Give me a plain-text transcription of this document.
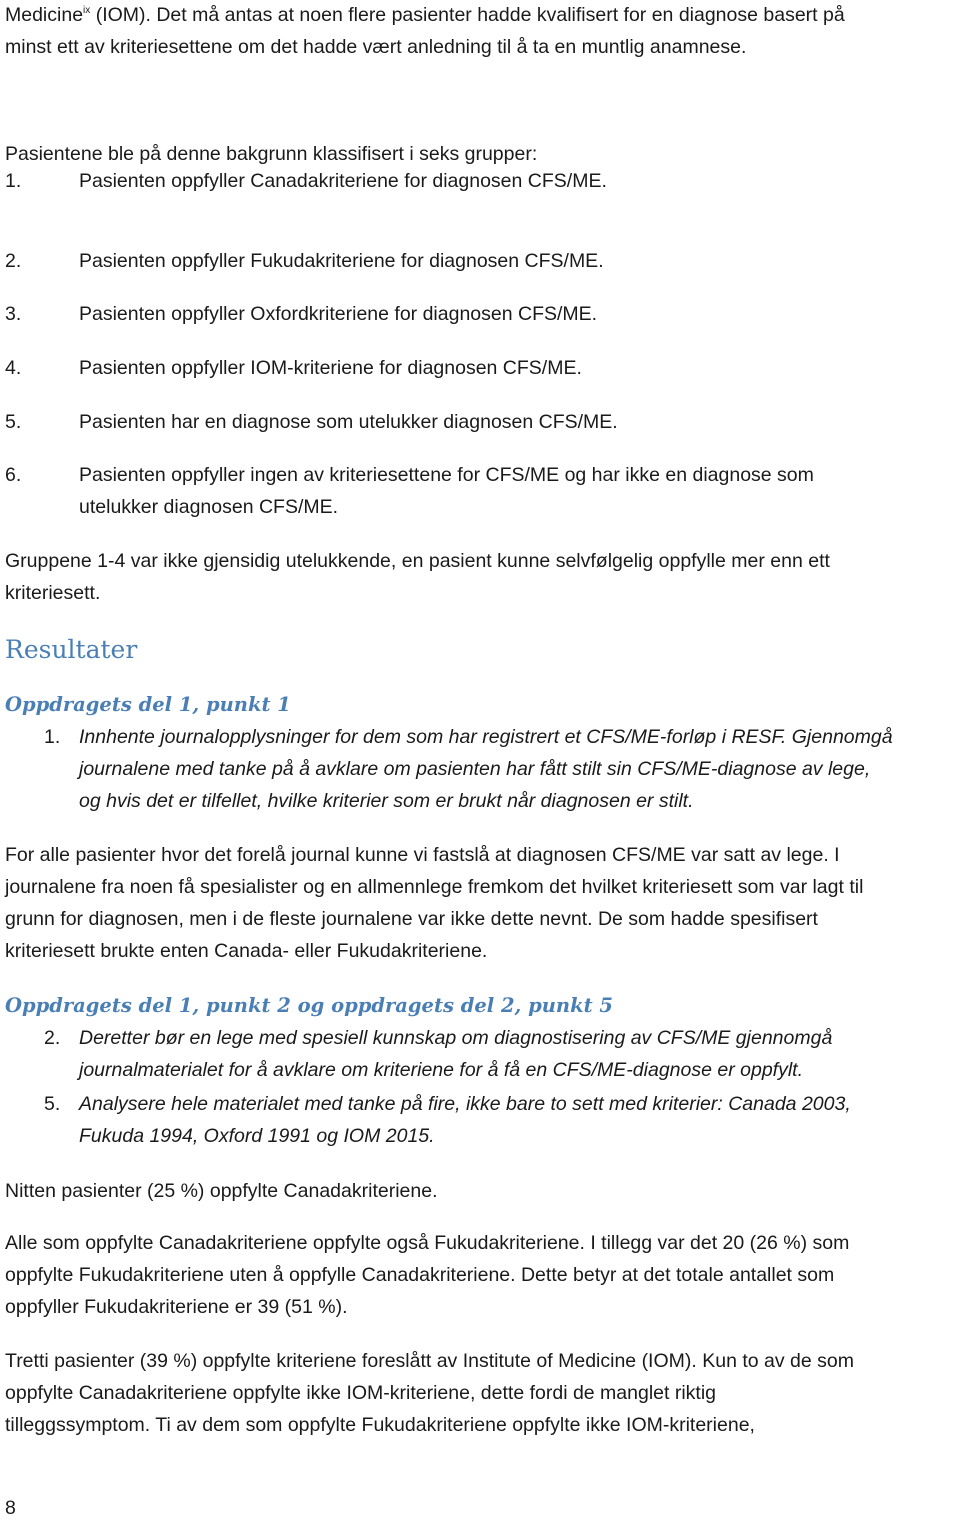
Medicine$^{ix}$ (IOM). Det må antas at noen flere pasienter hadde kvalifisert for en diagnose basert på
minst ett av kriteriesettene om det hadde vært anledning til å ta en muntlig anamnese.
Pasientene ble på denne bakgrunn klassifisert i seks grupper:
1.	Pasienten oppfyller Canadakriteriene for diagnosen CFS/ME.
2.	Pasienten oppfyller Fukudakriteriene for diagnosen CFS/ME.
3.	Pasienten oppfyller Oxfordkriteriene for diagnosen CFS/ME.
4.	Pasienten oppfyller IOM-kriteriene for diagnosen CFS/ME.
5.	Pasienten har en diagnose som utelukker diagnosen CFS/ME.
6.	Pasienten oppfyller ingen av kriteriesettene for CFS/ME og har ikke en diagnose som
utelukker diagnosen CFS/ME.
Gruppene 1-4 var ikke gjensidig utelukkende, en pasient kunne selvfølgelig oppfylle mer enn ett
kriteriesett.
Resultater
Oppdragets del 1, punkt 1
1. Innhente journalopplysninger for dem som har registrert et CFS/ME-forløp i RESF. Gjennomgå
journalene med tanke på å avklare om pasienten har fått stilt sin CFS/ME-diagnose av lege,
og hvis det er tilfellet, hvilke kriterier som er brukt når diagnosen er stilt.
For alle pasienter hvor det forelå journal kunne vi fastslå at diagnosen CFS/ME var satt av lege. I
journalene fra noen få spesialister og en allmennlege fremkom det hvilket kriteriesett som var lagt til
grunn for diagnosen, men i de fleste journalene var ikke dette nevnt. De som hadde spesifisert
kriteriesett brukte enten Canada- eller Fukudakriteriene.
Oppdragets del 1, punkt 2 og oppdragets del 2, punkt 5
2. Deretter bør en lege med spesiell kunnskap om diagnostisering av CFS/ME gjennomgå
journalmaterialet for å avklare om kriteriene for å få en CFS/ME-diagnose er oppfylt.
5. Analysere hele materialet med tanke på fire, ikke bare to sett med kriterier: Canada 2003,
Fukuda 1994, Oxford 1991 og IOM 2015.
Nitten pasienter (25 %) oppfylte Canadakriteriene.
Alle som oppfylte Canadakriteriene oppfylte også Fukudakriteriene. I tillegg var det 20 (26 %) som
oppfylte Fukudakriteriene uten å oppfylle Canadakriteriene. Dette betyr at det totale antallet som
oppfyller Fukudakriteriene er 39 (51 %).
Tretti pasienter (39 %) oppfylte kriteriene foreslått av Institute of Medicine (IOM). Kun to av de som
oppfylte Canadakriteriene oppfylte ikke IOM-kriteriene, dette fordi de manglet riktig
tilleggssymptom. Ti av dem som oppfylte Fukudakriteriene oppfylte ikke IOM-kriteriene,
8
